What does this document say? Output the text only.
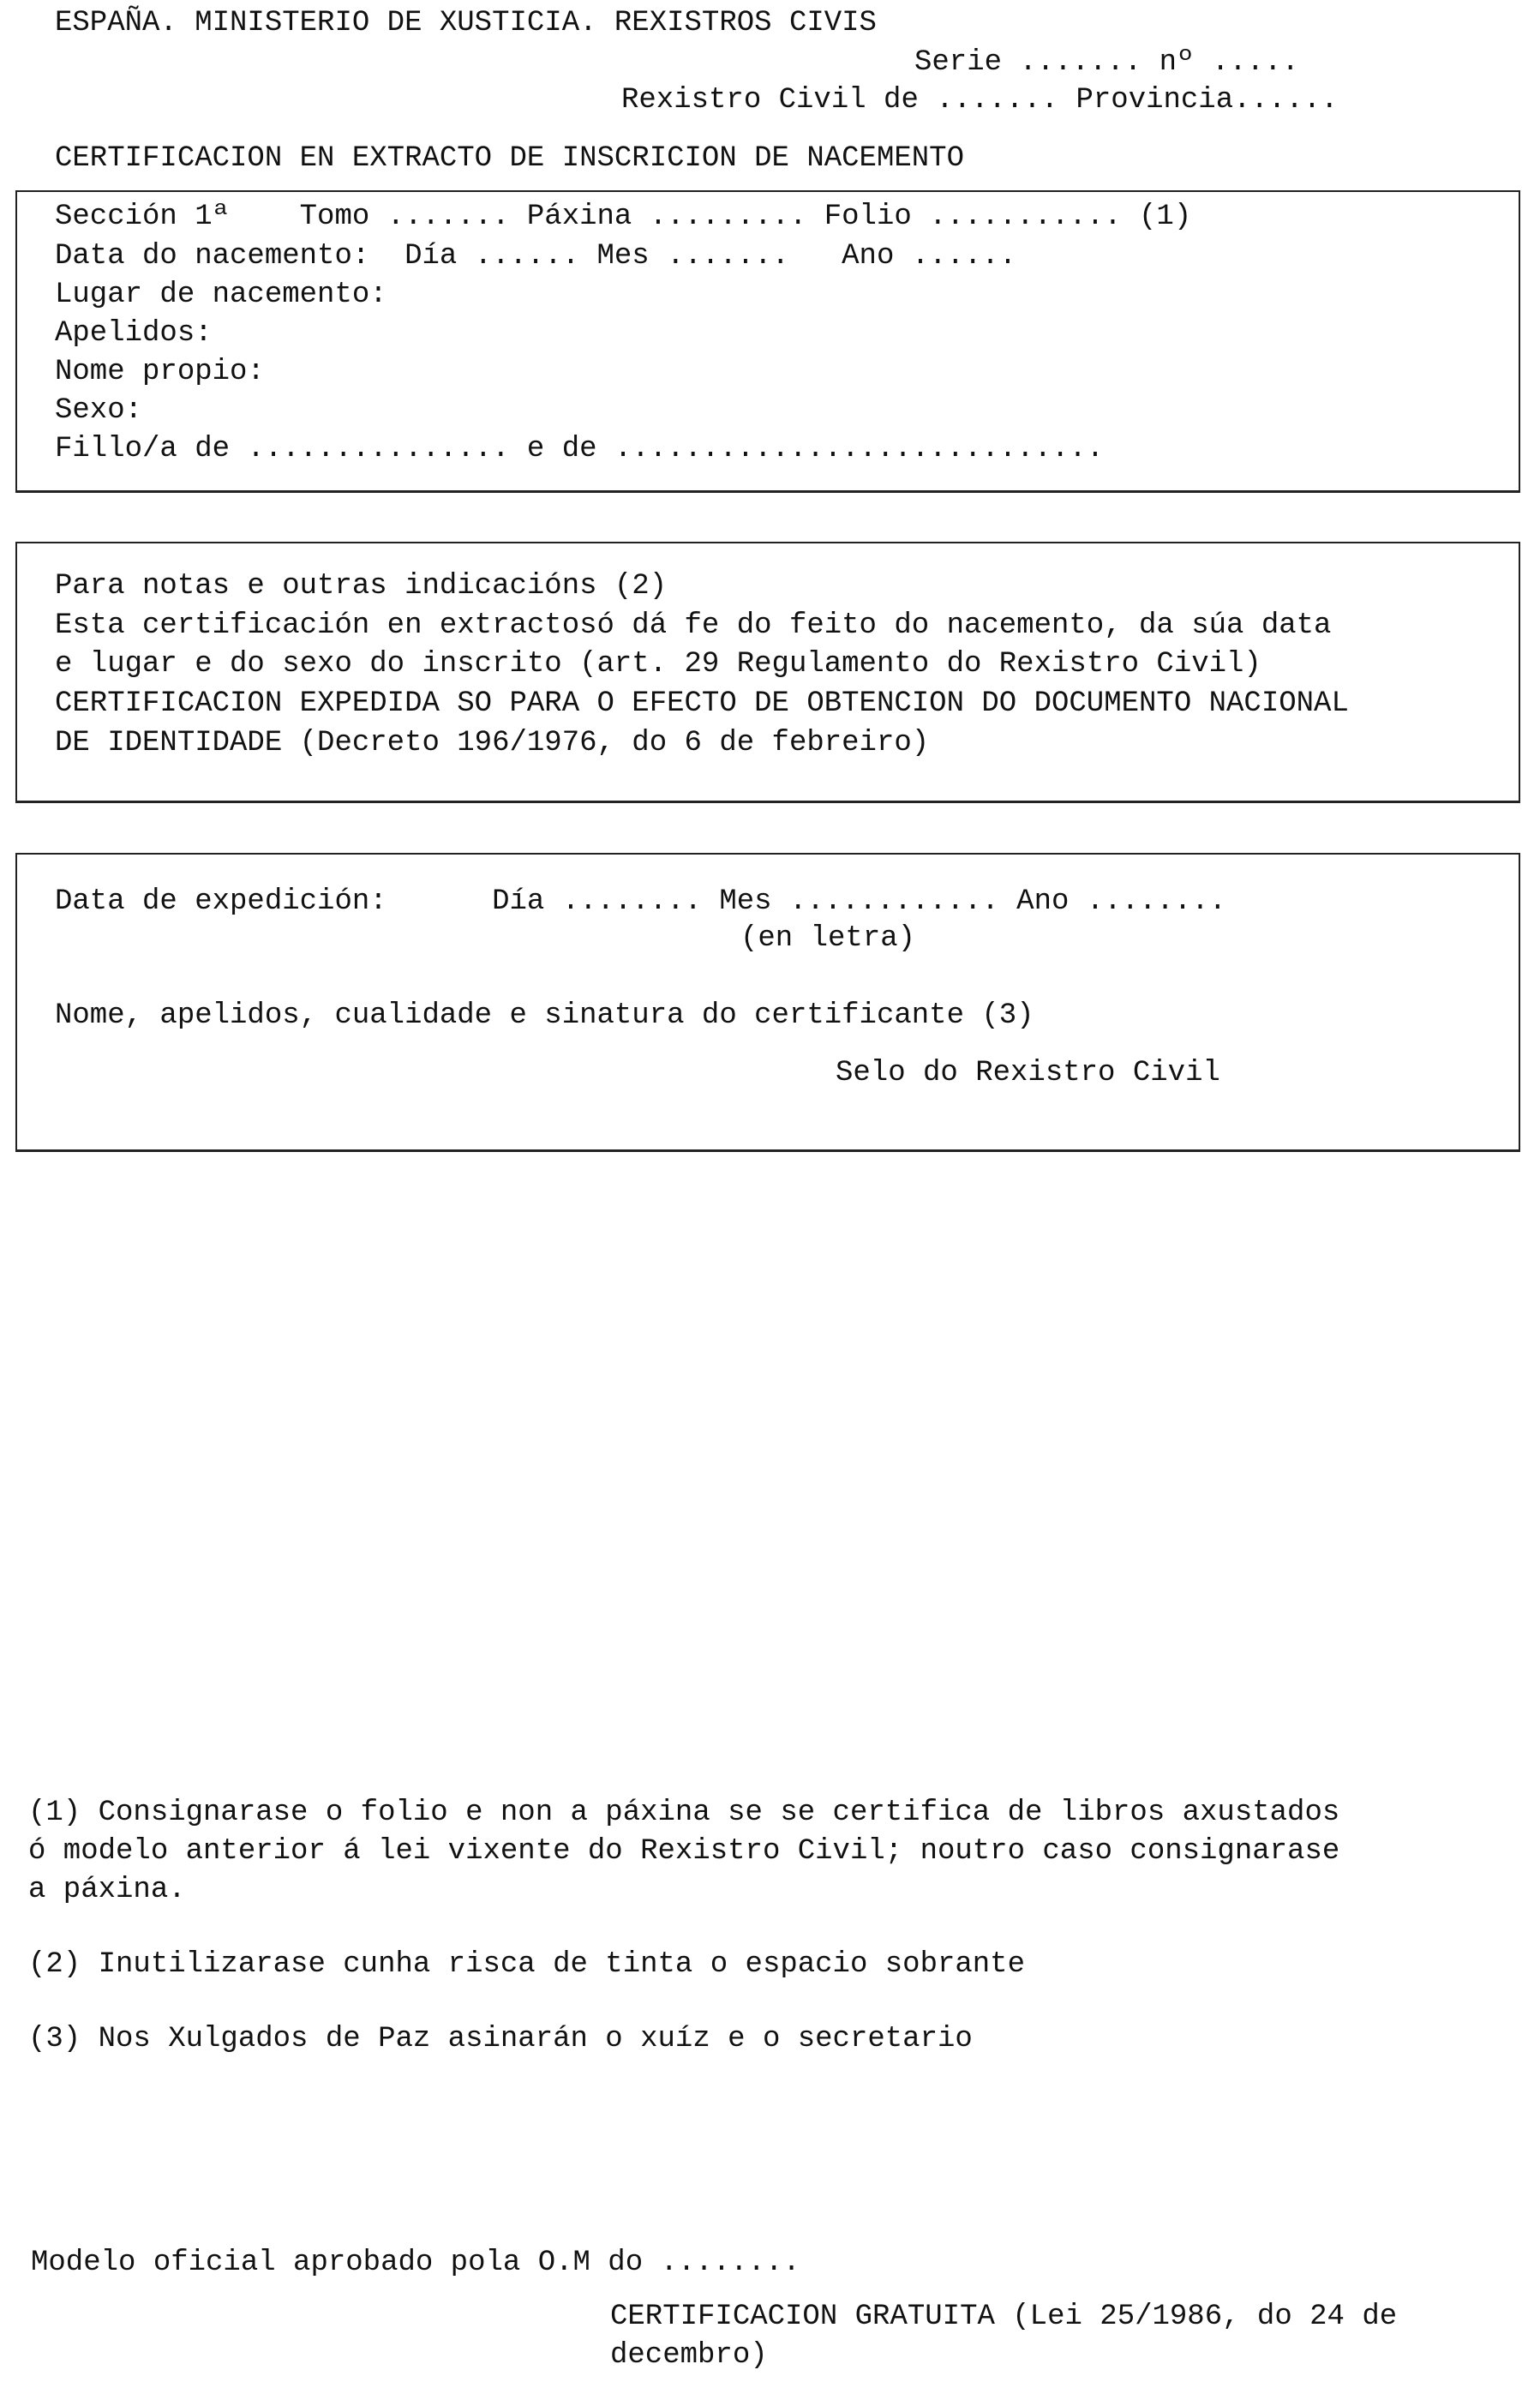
ESPAÑA. MINISTERIO DE XUSTICIA. REXISTROS CIVIS
Serie ....... nº .....
Rexistro Civil de ....... Provincia......
CERTIFICACION EN EXTRACTO DE INSCRICION DE NACEMENTO
Sección 1ª    Tomo ....... Páxina ......... Folio ........... (1)
Data do nacemento:  Día ...... Mes .......   Ano ......
Lugar de nacemento:
Apelidos:
Nome propio:
Sexo:
Fillo/a de ............... e de ............................
Para notas e outras indicacións (2)
Esta certificación en extractosó dá fe do feito do nacemento, da súa data
e lugar e do sexo do inscrito (art. 29 Regulamento do Rexistro Civil)
CERTIFICACION EXPEDIDA SO PARA O EFECTO DE OBTENCION DO DOCUMENTO NACIONAL
DE IDENTIDADE (Decreto 196/1976, do 6 de febreiro)
Data de expedición:      Día ........ Mes ............ Ano ........
(en letra)
Nome, apelidos, cualidade e sinatura do certificante (3)
Selo do Rexistro Civil
(1) Consignarase o folio e non a páxina se se certifica de libros axustados
ó modelo anterior á lei vixente do Rexistro Civil; noutro caso consignarase
a páxina.
(2) Inutilizarase cunha risca de tinta o espacio sobrante
(3) Nos Xulgados de Paz asinarán o xuíz e o secretario
Modelo oficial aprobado pola O.M do ........
CERTIFICACION GRATUITA (Lei 25/1986, do 24 de
decembro)
